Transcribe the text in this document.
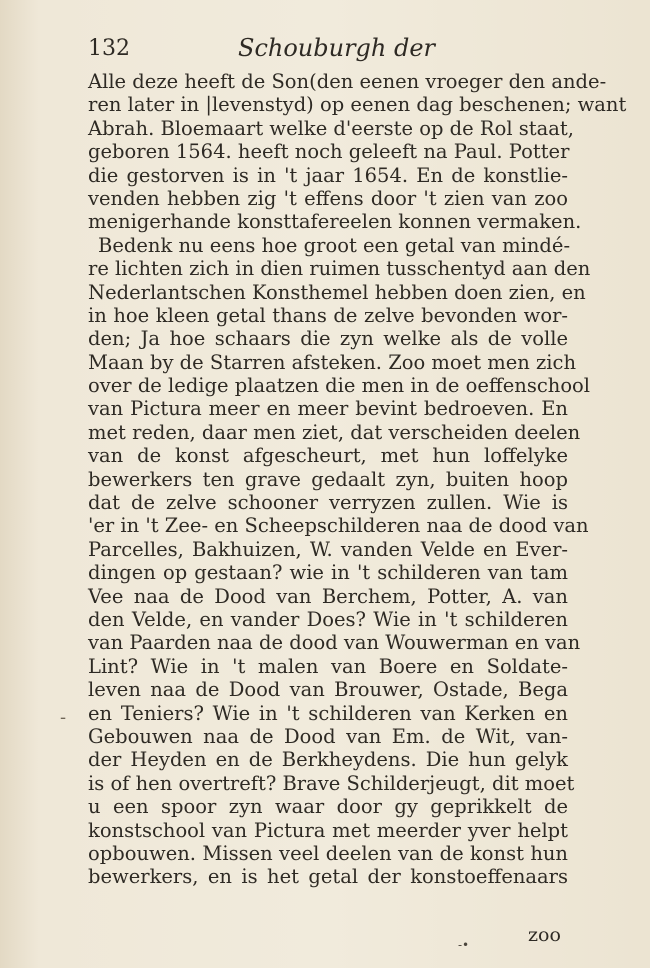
132	Schouburgh der
Alle deze heeft de Son(den eenen vroeger den ande-
ren later in |levenstyd) op eenen dag beschenen; want
Abrah. Bloemaart welke d'eerste op de Rol staat,
geboren 1564. heeft noch geleeft na Paul. Potter
die gestorven is in 't jaar 1654. En de konstlie-
venden hebben zig 't effens door 't zien van zoo
menigerhande konsttafereelen konnen vermaken.
Bedenk nu eens hoe groot een getal van mindé-
re lichten zich in dien ruimen tusschentyd aan den
Nederlantschen Konsthemel hebben doen zien, en
in hoe kleen getal thans de zelve bevonden wor-
den; Ja hoe schaars die zyn welke als de volle
Maan by de Starren afsteken. Zoo moet men zich
over de ledige plaatzen die men in de oeffenschool
van Pictura meer en meer bevint bedroeven. En
met reden, daar men ziet, dat verscheiden deelen
van de konst afgescheurt, met hun loffelyke
bewerkers ten grave gedaalt zyn, buiten hoop
dat de zelve schooner verryzen zullen. Wie is
'er in 't Zee- en Scheepschilderen naa de dood van
Parcelles, Bakhuizen, W. vanden Velde en Ever-
dingen op gestaan? wie in 't schilderen van tam
Vee naa de Dood van Berchem, Potter, A. van
den Velde, en vander Does? Wie in 't schilderen
van Paarden naa de dood van Wouwerman en van
Lint? Wie in 't malen van Boere en Soldate-
leven naa de Dood van Brouwer, Ostade, Bega
en Teniers? Wie in 't schilderen van Kerken en
Gebouwen naa de Dood van Em. de Wit, van-
der Heyden en de Berkheydens. Die hun gelyk
is of hen overtreft? Brave Schilderjeugt, dit moet
u een spoor zyn waar door gy geprikkelt de
konstschool van Pictura met meerder yver helpt
opbouwen. Missen veel deelen van de konst hun
bewerkers, en is het getal der konstoeffenaars
-
zoo
-•
